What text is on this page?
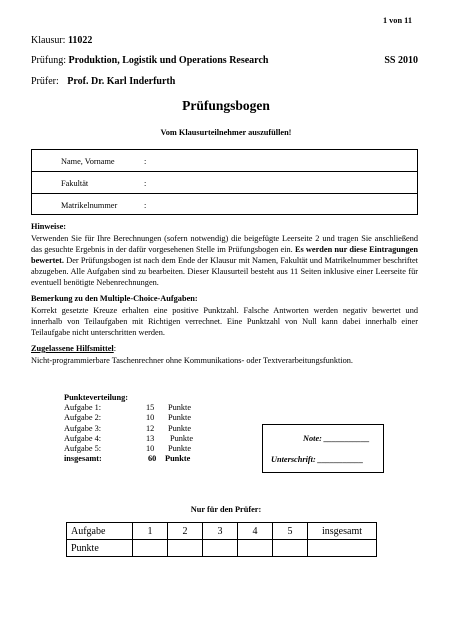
1 von 11
Klausur: 11022
Prüfung: Produktion, Logistik und Operations Research	SS 2010
Prüfer: Prof. Dr. Karl Inderfurth
Prüfungsbogen
Vom Klausurteilnehmer auszufüllen!
Name, Vorname	:
Fakultät	:
Matrikelnummer	:
Hinweise:
Verwenden Sie für Ihre Berechnungen (sofern notwendig) die beigefügte Leerseite 2 und tragen Sie anschließend das gesuchte Ergebnis in der dafür vorgesehenen Stelle im Prüfungsbogen ein. Es werden nur diese Eintragungen bewertet. Der Prüfungsbogen ist nach dem Ende der Klausur mit Namen, Fakultät und Matrikelnummer beschriftet abzugeben. Alle Aufgaben sind zu bearbeiten. Dieser Klausurteil besteht aus 11 Seiten inklusive einer Leerseite für eventuell benötigte Nebenrechnungen.
Bemerkung zu den Multiple-Choice-Aufgaben:
Korrekt gesetzte Kreuze erhalten eine positive Punktzahl. Falsche Antworten werden negativ bewertet und innerhalb von Teilaufgaben mit Richtigen verrechnet. Eine Punktzahl von Null kann dabei innerhalb einer Teilaufgabe nicht unterschritten werden.
Zugelassene Hilfsmittel:
Nicht-programmierbare Taschenrechner ohne Kommunikations- oder Textverarbeitungsfunktion.
Punkteverteilung:
Aufgabe 1:	15 Punkte
Aufgabe 2:	10 Punkte
Aufgabe 3:	12 Punkte
Aufgabe 4:	13 Punkte
Aufgabe 5:	10 Punkte
insgesamt:	60 Punkte
Note: ___________
Unterschrift: ___________
Nur für den Prüfer:
Aufgabe	1	2	3	4	5	insgesamt
Punkte						
